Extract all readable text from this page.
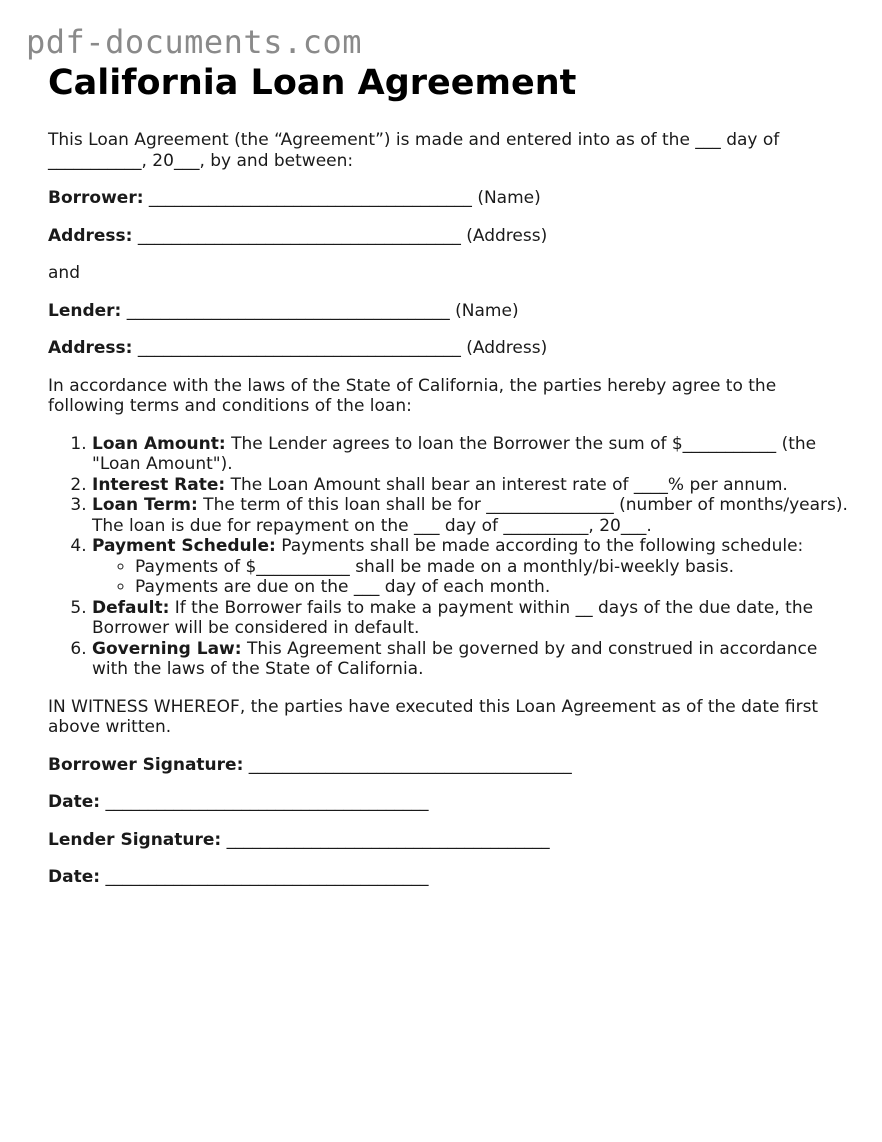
pdf-documents.com
California Loan Agreement

This Loan Agreement (the “Agreement”) is made and entered into as of the ___ day of ___________, 20___, by and between:

Borrower: ______________________________________ (Name)

Address: ______________________________________ (Address)

and

Lender: ______________________________________ (Name)

Address: ______________________________________ (Address)

In accordance with the laws of the State of California, the parties hereby agree to the following terms and conditions of the loan:

1. Loan Amount: The Lender agrees to loan the Borrower the sum of $___________ (the "Loan Amount").
2. Interest Rate: The Loan Amount shall bear an interest rate of ____% per annum.
3. Loan Term: The term of this loan shall be for _______________ (number of months/years). The loan is due for repayment on the ___ day of __________, 20___.
4. Payment Schedule: Payments shall be made according to the following schedule:
◦ Payments of $___________ shall be made on a monthly/bi-weekly basis.
◦ Payments are due on the ___ day of each month.
5. Default: If the Borrower fails to make a payment within __ days of the due date, the Borrower will be considered in default.
6. Governing Law: This Agreement shall be governed by and construed in accordance with the laws of the State of California.

IN WITNESS WHEREOF, the parties have executed this Loan Agreement as of the date first above written.

Borrower Signature: ______________________________________

Date: ______________________________________

Lender Signature: ______________________________________

Date: ______________________________________
